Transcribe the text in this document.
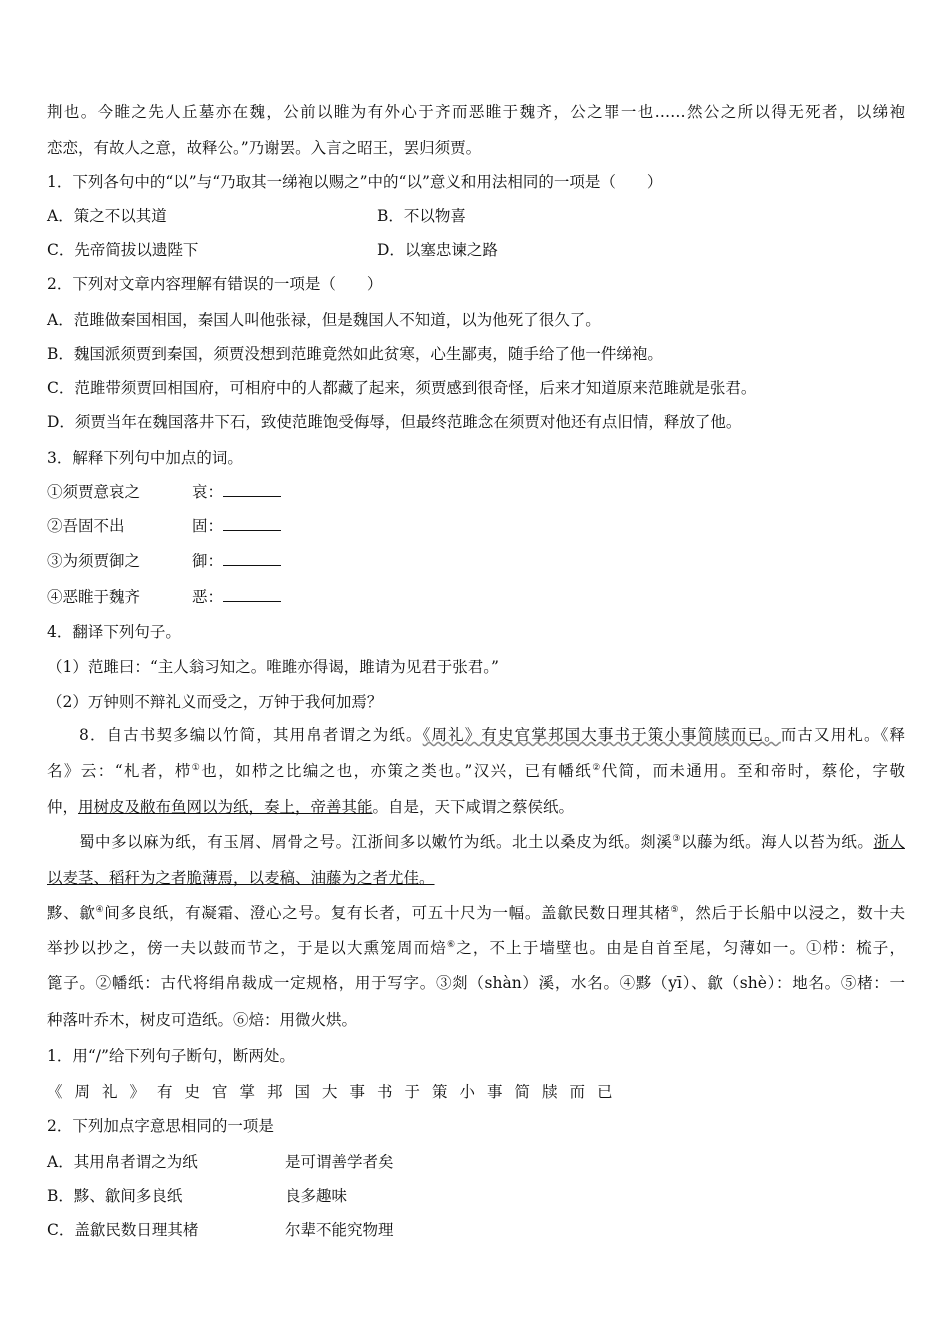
荆也。今睢之先人丘墓亦在魏，公前以睢为有外心于齐而恶睢于魏齐，公之罪一也……然公之所以得无死者，以绨袍
恋恋，有故人之意，故释公。”乃谢罢。入言之昭王，罢归须贾。
1．下列各句中的“以”与“乃取其一绨袍以赐之”中的“以”意义和用法相同的一项是（　　）
A．策之不以其道	B．不以物喜
C．先帝简拔以遗陛下	D．以塞忠谏之路
2．下列对文章内容理解有错误的一项是（　　）
A．范雎做秦国相国，秦国人叫他张禄，但是魏国人不知道，以为他死了很久了。
B．魏国派须贾到秦国，须贾没想到范雎竟然如此贫寒，心生鄙夷，随手给了他一件绨袍。
C．范雎带须贾回相国府，可相府中的人都藏了起来，须贾感到很奇怪，后来才知道原来范雎就是张君。
D．须贾当年在魏国落井下石，致使范雎饱受侮辱，但最终范雎念在须贾对他还有点旧情，释放了他。
3．解释下列句中加点的词。
①须贾意哀之	哀：
②吾固不出	固：
③为须贾御之	御：
④恶睢于魏齐	恶：
4．翻译下列句子。
（1）范雎曰：“主人翁习知之。唯雎亦得谒，雎请为见君于张君。”
（2）万钟则不辩礼义而受之，万钟于我何加焉？
8．自古书契多编以竹简，其用帛者谓之为纸。《周礼》有史官掌邦国大事书于策小事简牍而已。而古又用札。《释
名》云：“札者，栉①也，如栉之比编之也，亦策之类也。”汉兴，已有幡纸②代简，而未通用。至和帝时，蔡伦，字敬
仲，用树皮及敝布鱼网以为纸，奏上，帝善其能。自是，天下咸谓之蔡侯纸。
蜀中多以麻为纸，有玉屑、屑骨之号。江浙间多以嫩竹为纸。北土以桑皮为纸。剡溪③以藤为纸。海人以苔为纸。浙人
以麦茎、稻秆为之者脆薄焉，以麦稿、油藤为之者尤佳。
黟、歙④间多良纸，有凝霜、澄心之号。复有长者，可五十尺为一幅。盖歙民数日理其楮⑤，然后于长船中以浸之，数十夫
举抄以抄之，傍一夫以鼓而节之，于是以大熏笼周而焙⑥之，不上于墙壁也。由是自首至尾，匀薄如一。①栉：梳子，
篦子。②幡纸：古代将绢帛裁成一定规格，用于写字。③剡（shàn）溪，水名。④黟（yī）、歙（shè）：地名。⑤楮：一
种落叶乔木，树皮可造纸。⑥焙：用微火烘。
1．用“/”给下列句子断句，断两处。
《周礼》有史官掌邦国大事书于策小事简牍而已
2．下列加点字意思相同的一项是
A．其用帛者谓之为纸	是可谓善学者矣
B．黟、歙间多良纸	良多趣味
C．盖歙民数日理其楮	尔辈不能究物理
